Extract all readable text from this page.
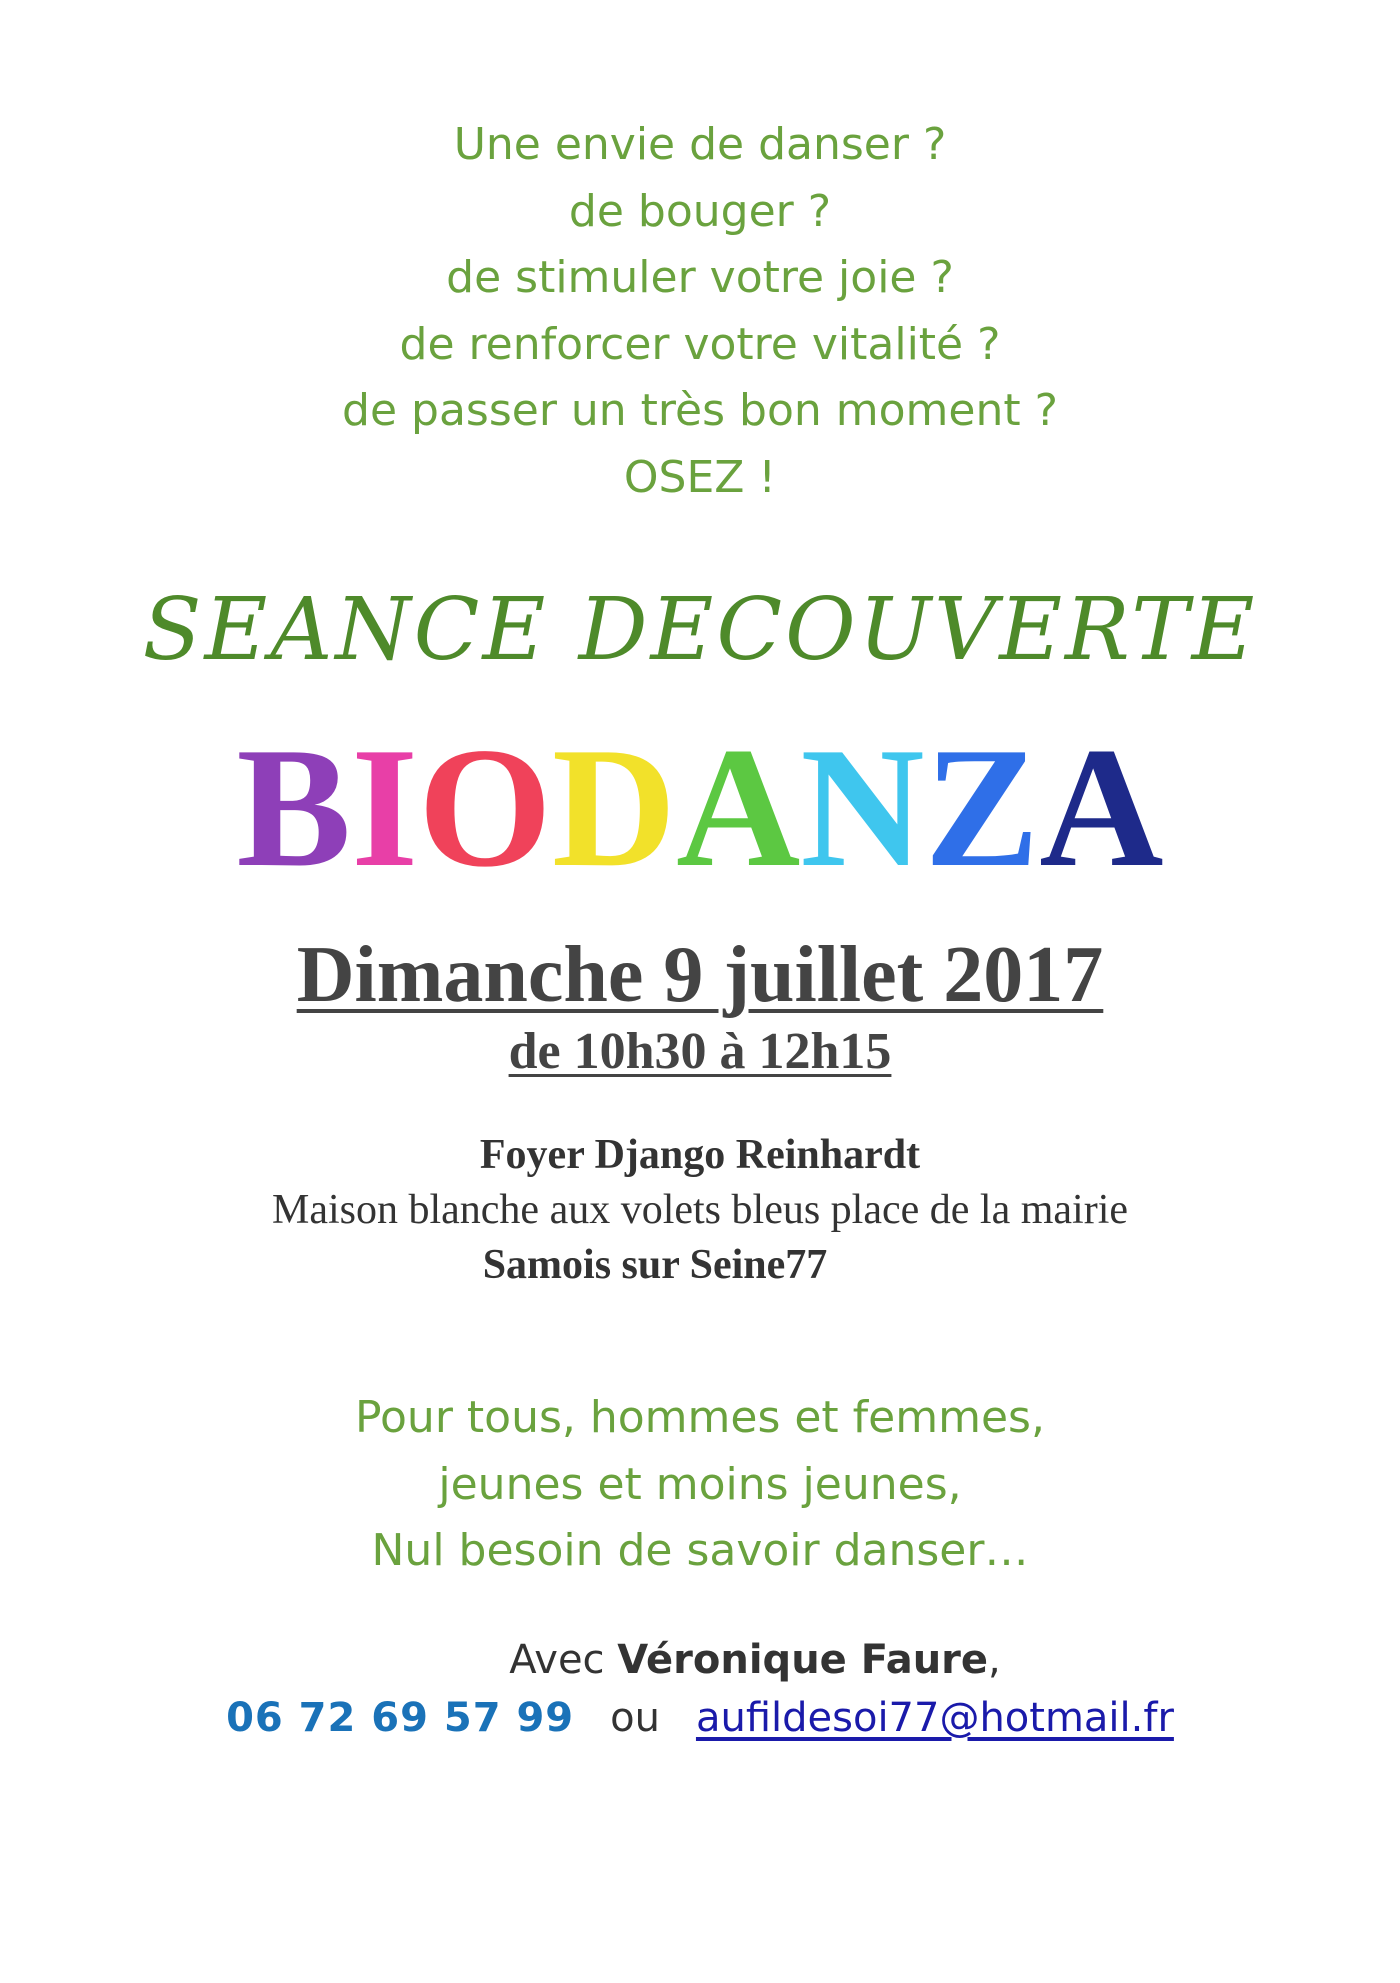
Une envie de danser ?
de bouger ?
de stimuler votre joie ?
de renforcer votre vitalité ?
de passer un très bon moment ?
OSEZ !
SEANCE DECOUVERTE
BIODANZA
Dimanche 9 juillet 2017
de 10h30 à 12h15
Foyer Django Reinhardt
Maison blanche aux volets bleus place de la mairie
Samois sur Seine77
Pour tous, hommes et femmes,
jeunes et moins jeunes,
Nul besoin de savoir danser…
Avec Véronique Faure,
06 72 69 57 99 ou aufildesoi77@hotmail.fr
